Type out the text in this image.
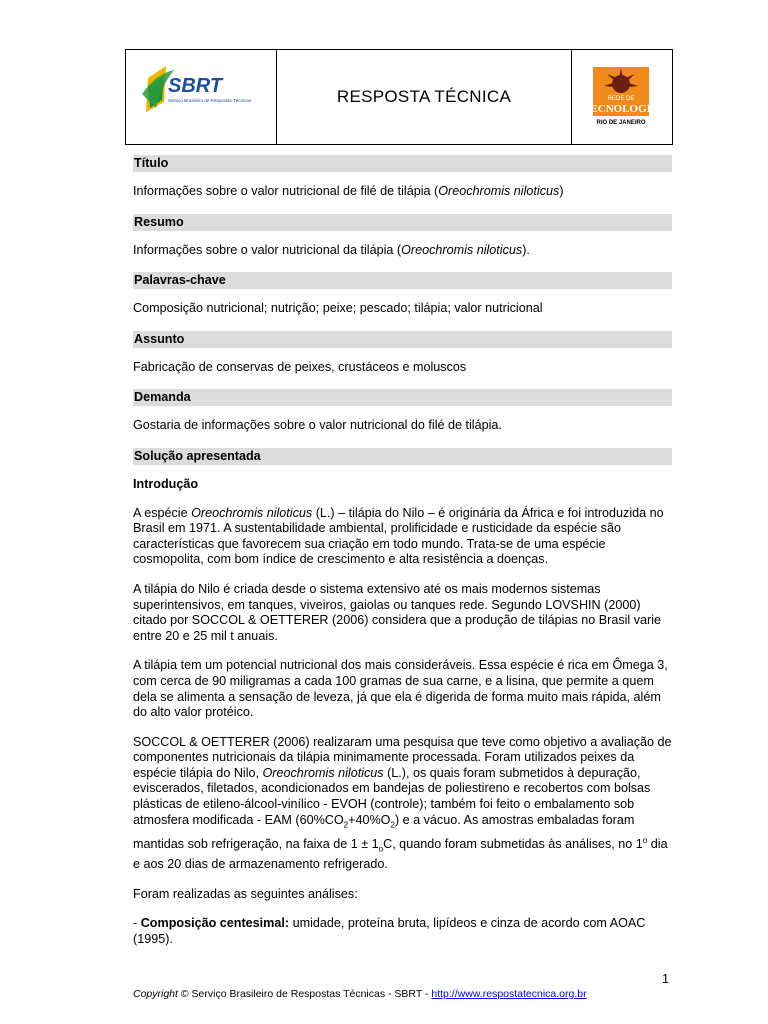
SBRT
Serviço Brasileiro de Respostas Técnicas	RESPOSTA TÉCNICA	REDE DE
TECNOLOGIA
RIO DE JANEIRO
Título
Informações sobre o valor nutricional de filé de tilápia (Oreochromis niloticus)
Resumo
Informações sobre o valor nutricional da tilápia (Oreochromis niloticus).
Palavras-chave
Composição nutricional; nutrição; peixe; pescado; tilápia; valor nutricional
Assunto
Fabricação de conservas de peixes, crustáceos e moluscos
Demanda
Gostaria de informações sobre o valor nutricional do filé de tilápia.
Solução apresentada
Introdução

A espécie Oreochromis niloticus (L.) – tilápia do Nilo – é originária da África e foi introduzida no Brasil em 1971. A sustentabilidade ambiental, prolificidade e rusticidade da espécie são características que favorecem sua criação em todo mundo. Trata-se de uma espécie cosmopolita, com bom índice de crescimento e alta resistência a doenças.

A tilápia do Nilo é criada desde o sistema extensivo até os mais modernos sistemas superintensivos, em tanques, viveiros, gaiolas ou tanques rede. Segundo LOVSHIN (2000) citado por SOCCOL & OETTERER (2006) considera que a produção de tilápias no Brasil varie entre 20 e 25 mil t anuais.

A tilápia tem um potencial nutricional dos mais consideráveis. Essa espécie é rica em Ômega 3, com cerca de 90 miligramas a cada 100 gramas de sua carne, e a lisina, que permite a quem dela se alimenta a sensação de leveza, já que ela é digerida de forma muito mais rápida, além do alto valor protéico.

SOCCOL & OETTERER (2006) realizaram uma pesquisa que teve como objetivo a avaliação de componentes nutricionais da tilápia minimamente processada. Foram utilizados peixes da espécie tilápia do Nilo, Oreochromis niloticus (L.), os quais foram submetidos à depuração, eviscerados, filetados, acondicionados em bandejas de poliestireno e recobertos com bolsas plásticas de etileno-álcool-vinílico - EVOH (controle); também foi feito o embalamento sob atmosfera modificada - EAM $(60\%CO_2+40\%O_2)$ e a vácuo. As amostras embaladas foram mantidas sob refrigeração, na faixa de $1 \pm 1_oC$, quando foram submetidas às análises, no 1$^o$ dia e aos 20 dias de armazenamento refrigerado.

Foram realizadas as seguintes análises:

- Composição centesimal: umidade, proteína bruta, lipídeos e cinza de acordo com AOAC (1995).

1
Copyright © Serviço Brasileiro de Respostas Técnicas - SBRT - http://www.respostatecnica.org.br
